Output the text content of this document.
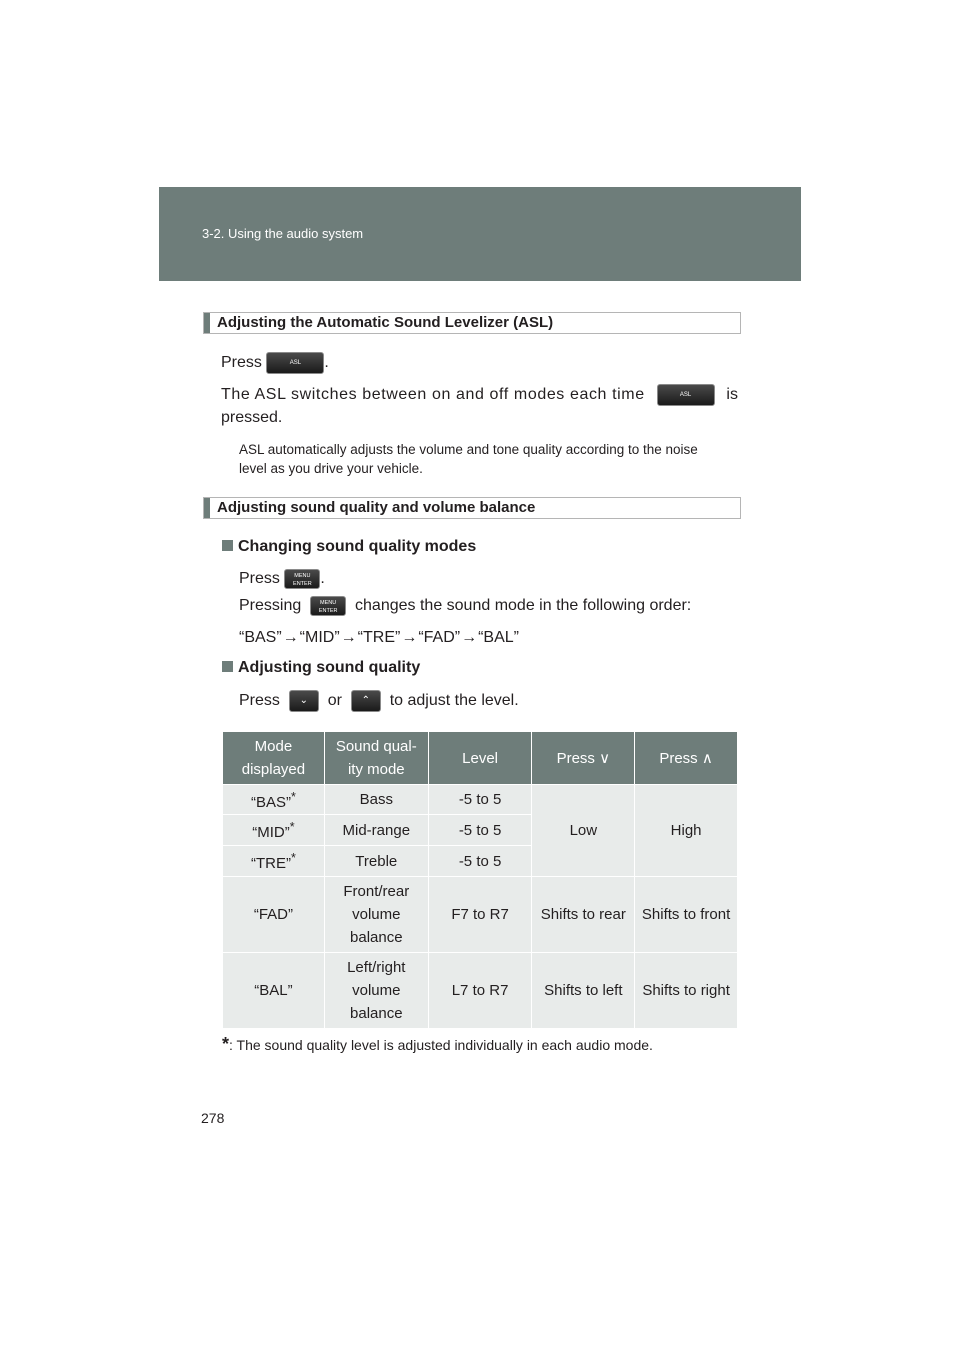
3-2. Using the audio system
Adjusting the Automatic Sound Levelizer (ASL)
Press	ASL .
The ASL switches between on and off modes each time	ASL	is
pressed.
ASL automatically adjusts the volume and tone quality according to the noise
level as you drive your vehicle.
Adjusting sound quality and volume balance
Changing sound quality modes
Press	MENU
ENTER .
Pressing	MENU
ENTER changes the sound mode in the following order:
“BAS”→“MID”→“TRE”→“FAD”→“BAL”
Adjusting sound quality
Press ⌄ or ⌃ to adjust the level.
Mode
displayed	Sound qual-
ity mode	Level	Press ∨	Press ∧
“BAS”*	Bass	-5 to 5	Low	High
“MID”*	Mid-range	-5 to 5		
“TRE”*	Treble	-5 to 5		
“FAD”	Front/rear
volume
balance	F7 to R7	Shifts to rear	Shifts to front
“BAL”	Left/right
volume
balance	L7 to R7	Shifts to left	Shifts to right
*: The sound quality level is adjusted individually in each audio mode.
278
